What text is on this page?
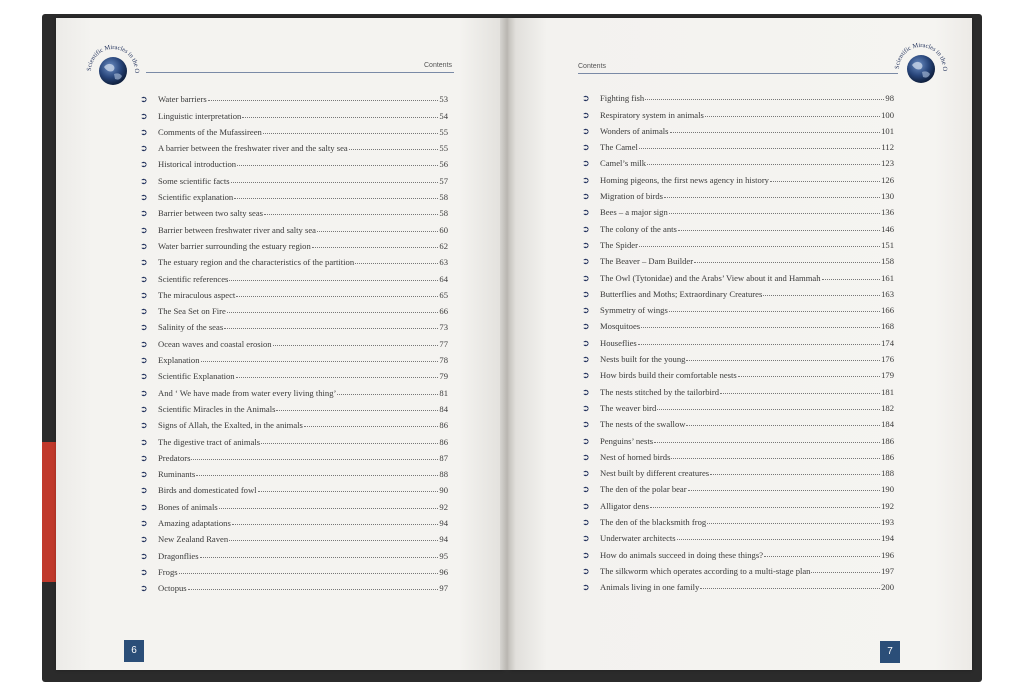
Scientific Miracles in the O
Contents	Contents	Scientific Miracles in the O
➲	Water barriers	53
➲	Linguistic interpretation	54
➲	Comments of the Mufassireen	55
➲	A barrier between the freshwater river and the salty sea	55
➲	Historical introduction	56
➲	Some scientific facts	57
➲	Scientific explanation	58
➲	Barrier between two salty seas	58
➲	Barrier between freshwater river and salty sea	60
➲	Water barrier surrounding the estuary region	62
➲	The estuary region and the characteristics of the partition	63
➲	Scientific references	64
➲	The miraculous aspect	65
➲	The Sea Set on Fire	66
➲	Salinity of the seas	73
➲	Ocean waves and coastal erosion	77
➲	Explanation	78
➲	Scientific Explanation	79
➲	And ‘ We have made from water every living thing’	81
➲	Scientific Miracles in the Animals	84
➲	Signs of Allah, the Exalted, in the animals	86
➲	The digestive tract of animals	86
➲	Predators	87
➲	Ruminants	88
➲	Birds and domesticated fowl	90
➲	Bones of animals	92
➲	Amazing adaptations	94
➲	New Zealand Raven	94
➲	Dragonflies	95
➲	Frogs	96
➲	Octopus	97
➲	Fighting fish	98
➲	Respiratory system in animals	100
➲	Wonders of animals	101
➲	The Camel	112
➲	Camel’s milk	123
➲	Homing pigeons, the first news agency in history	126
➲	Migration of birds	130
➲	Bees – a major sign	136
➲	The colony of the ants	146
➲	The Spider	151
➲	The Beaver – Dam Builder	158
➲	The Owl (Tytonidae) and the Arabs’ View about it and Hammah	161
➲	Butterflies and Moths; Extraordinary Creatures	163
➲	Symmetry of wings	166
➲	Mosquitoes	168
➲	Houseflies	174
➲	Nests built for the young	176
➲	How birds build their comfortable nests	179
➲	The nests stitched by the tailorbird	181
➲	The weaver bird	182
➲	The nests of the swallow	184
➲	Penguins’ nests	186
➲	Nest of horned birds	186
➲	Nest built by different creatures	188
➲	The den of the polar bear	190
➲	Alligator dens	192
➲	The den of the blacksmith frog	193
➲	Underwater architects	194
➲	How do animals succeed in doing these things?	196
➲	The silkworm which operates according to a multi-stage plan	197
➲	Animals living in one family	200
6	7
